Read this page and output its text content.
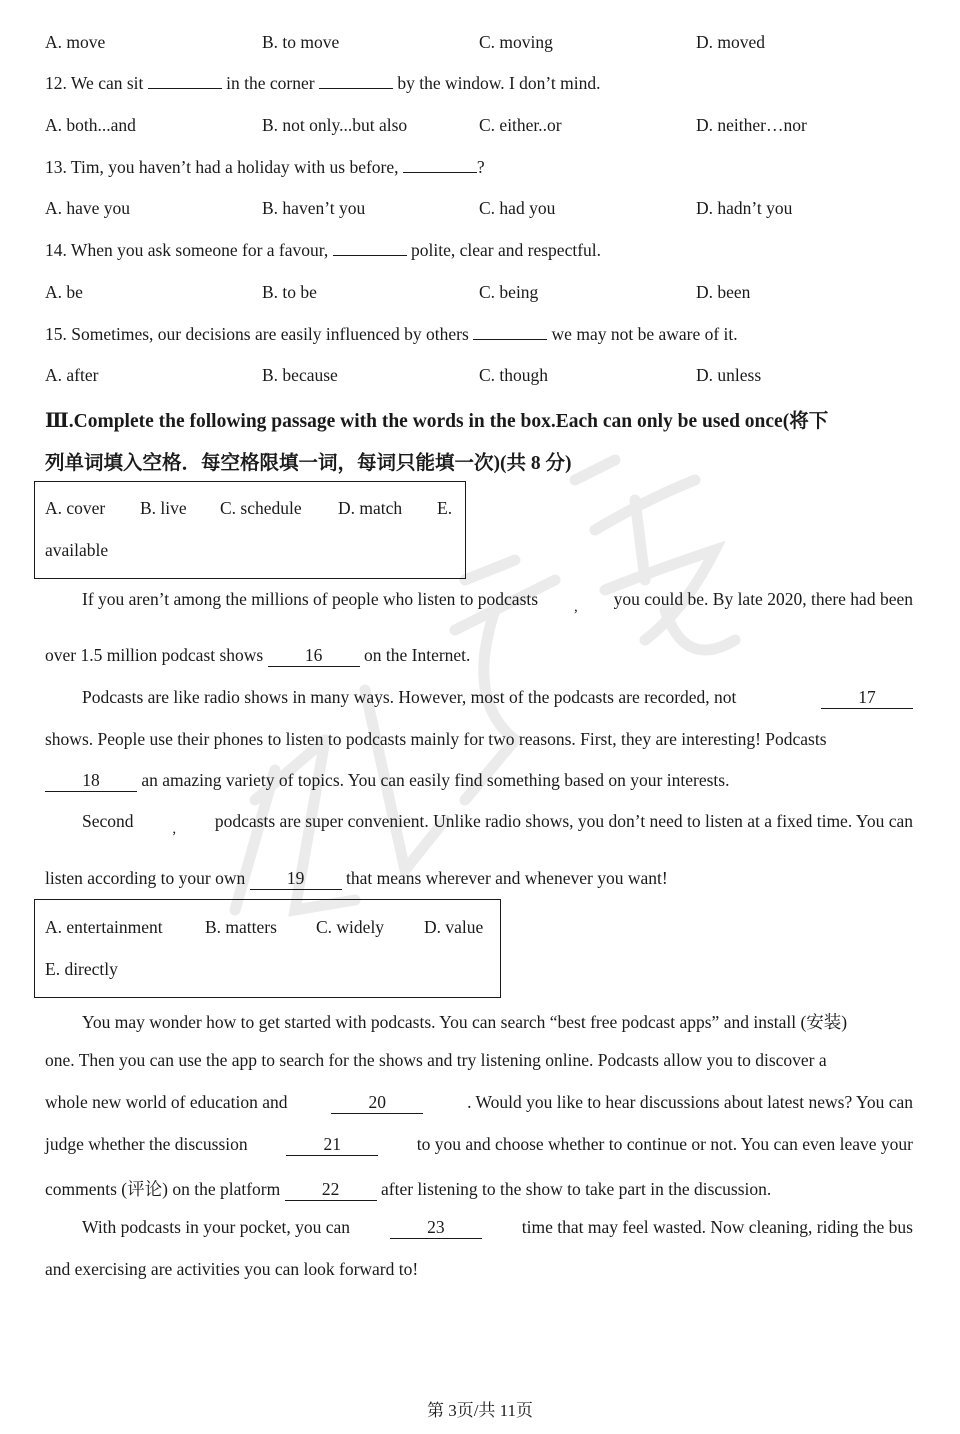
A. move	B. to move	C. moving	D. moved
12. We can sit	in the corner	by the window. I don’t mind.
A. both...and	B. not only...but also	C. either..or	D. neither…nor
13. Tim, you haven’t had a holiday with us before,	?
A. have you	B. haven’t you	C. had you	D. hadn’t you
14. When you ask someone for a favour,	polite, clear and respectful.
A. be	B. to be	C. being	D. been
15. Sometimes, our decisions are easily influenced by others	we may not be aware of it.
A. after	B. because	C. though	D. unless
Ⅲ.Complete the following passage with the words in the box.Each can only be used once(将下
列单词填入空格．每空格限填一词，每词只能填一次)(共 8 分)
A. cover B. live C. schedule D. match E.
available
If you aren’t among the millions of people who listen to podcasts , you could be. By late 2020, there had been
over 1.5 million podcast shows 16 on the Internet.
Podcasts are like radio shows in many ways. However, most of the podcasts are recorded, not	17
shows. People use their phones to listen to podcasts mainly for two reasons. First, they are interesting! Podcasts
18 an amazing variety of topics. You can easily find something based on your interests.
Second	, podcasts are super convenient. Unlike radio shows, you don’t need to listen at a fixed time. You can
listen according to your own 19 that means wherever and whenever you want!
A. entertainment B. matters C. widely D. value
E. directly
You may wonder how to get started with podcasts. You can search “best free podcast apps” and install (安装)
one. Then you can use the app to search for the shows and try listening online. Podcasts allow you to discover a
whole new world of education and	20	. Would you like to hear discussions about latest news? You can
judge whether the discussion	21	to you and choose whether to continue or not. You can even leave your
comments (评论) on the platform 22 after listening to the show to take part in the discussion.
With podcasts in your pocket, you can	23	time that may feel wasted. Now cleaning, riding the bus
and exercising are activities you can look forward to!
第 3页/共 11页
